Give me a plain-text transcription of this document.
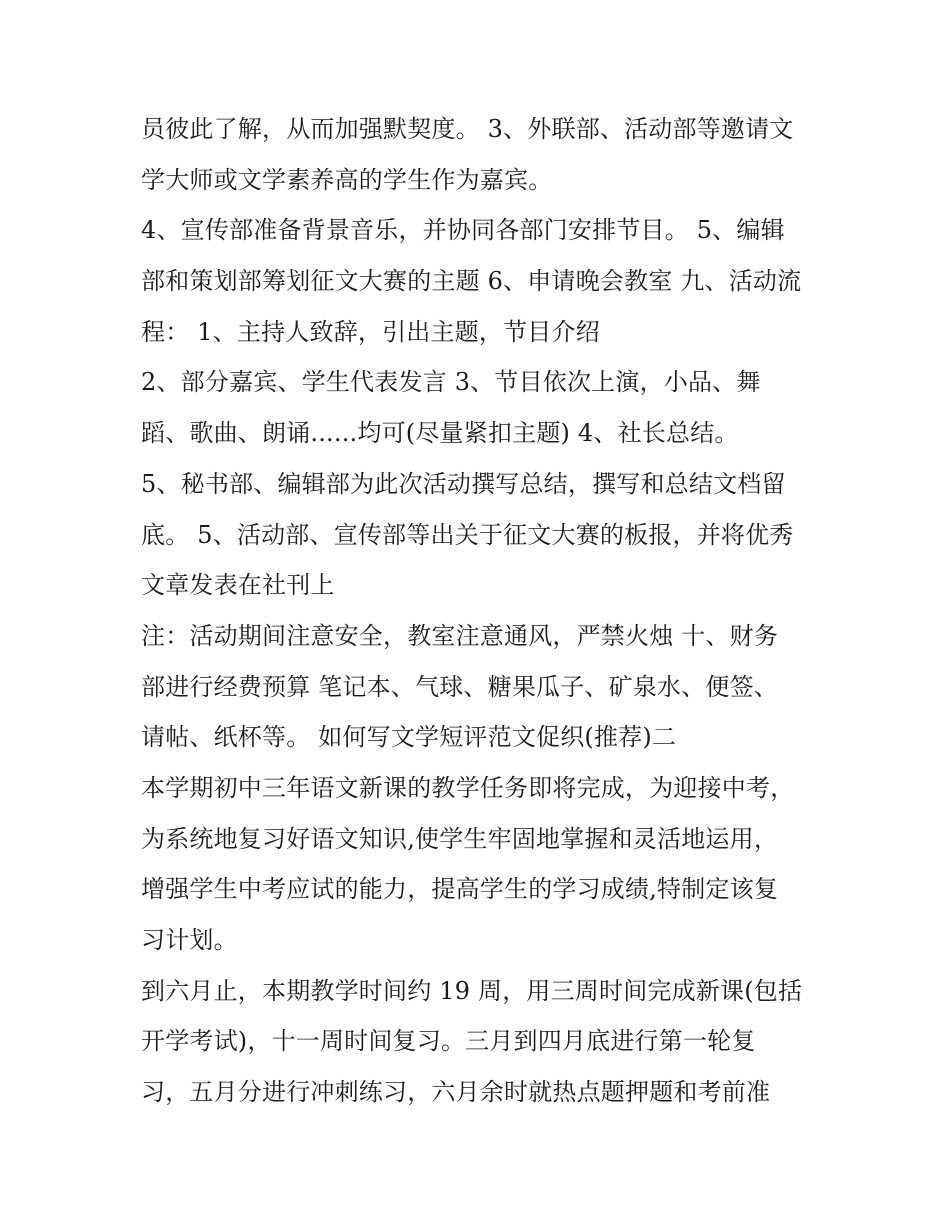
员彼此了解，从而加强默契度。 3、外联部、活动部等邀请文
学大师或文学素养高的学生作为嘉宾。
4、宣传部准备背景音乐，并协同各部门安排节目。 5、编辑
部和策划部筹划征文大赛的主题 6、申请晚会教室 九、活动流
程： 1、主持人致辞，引出主题，节目介绍
2、部分嘉宾、学生代表发言 3、节目依次上演，小品、舞
蹈、歌曲、朗诵......均可(尽量紧扣主题) 4、社长总结。
5、秘书部、编辑部为此次活动撰写总结，撰写和总结文档留
底。 5、活动部、宣传部等出关于征文大赛的板报，并将优秀
文章发表在社刊上
注：活动期间注意安全，教室注意通风，严禁火烛 十、财务
部进行经费预算 笔记本、气球、糖果瓜子、矿泉水、便签、
请帖、纸杯等。 如何写文学短评范文促织(推荐)二
本学期初中三年语文新课的教学任务即将完成，为迎接中考，
为系统地复习好语文知识,使学生牢固地掌握和灵活地运用，
增强学生中考应试的能力，提高学生的学习成绩,特制定该复
习计划。
到六月止，本期教学时间约 19 周，用三周时间完成新课(包括
开学考试)，十一周时间复习。三月到四月底进行第一轮复
习，五月分进行冲刺练习，六月余时就热点题押题和考前准
